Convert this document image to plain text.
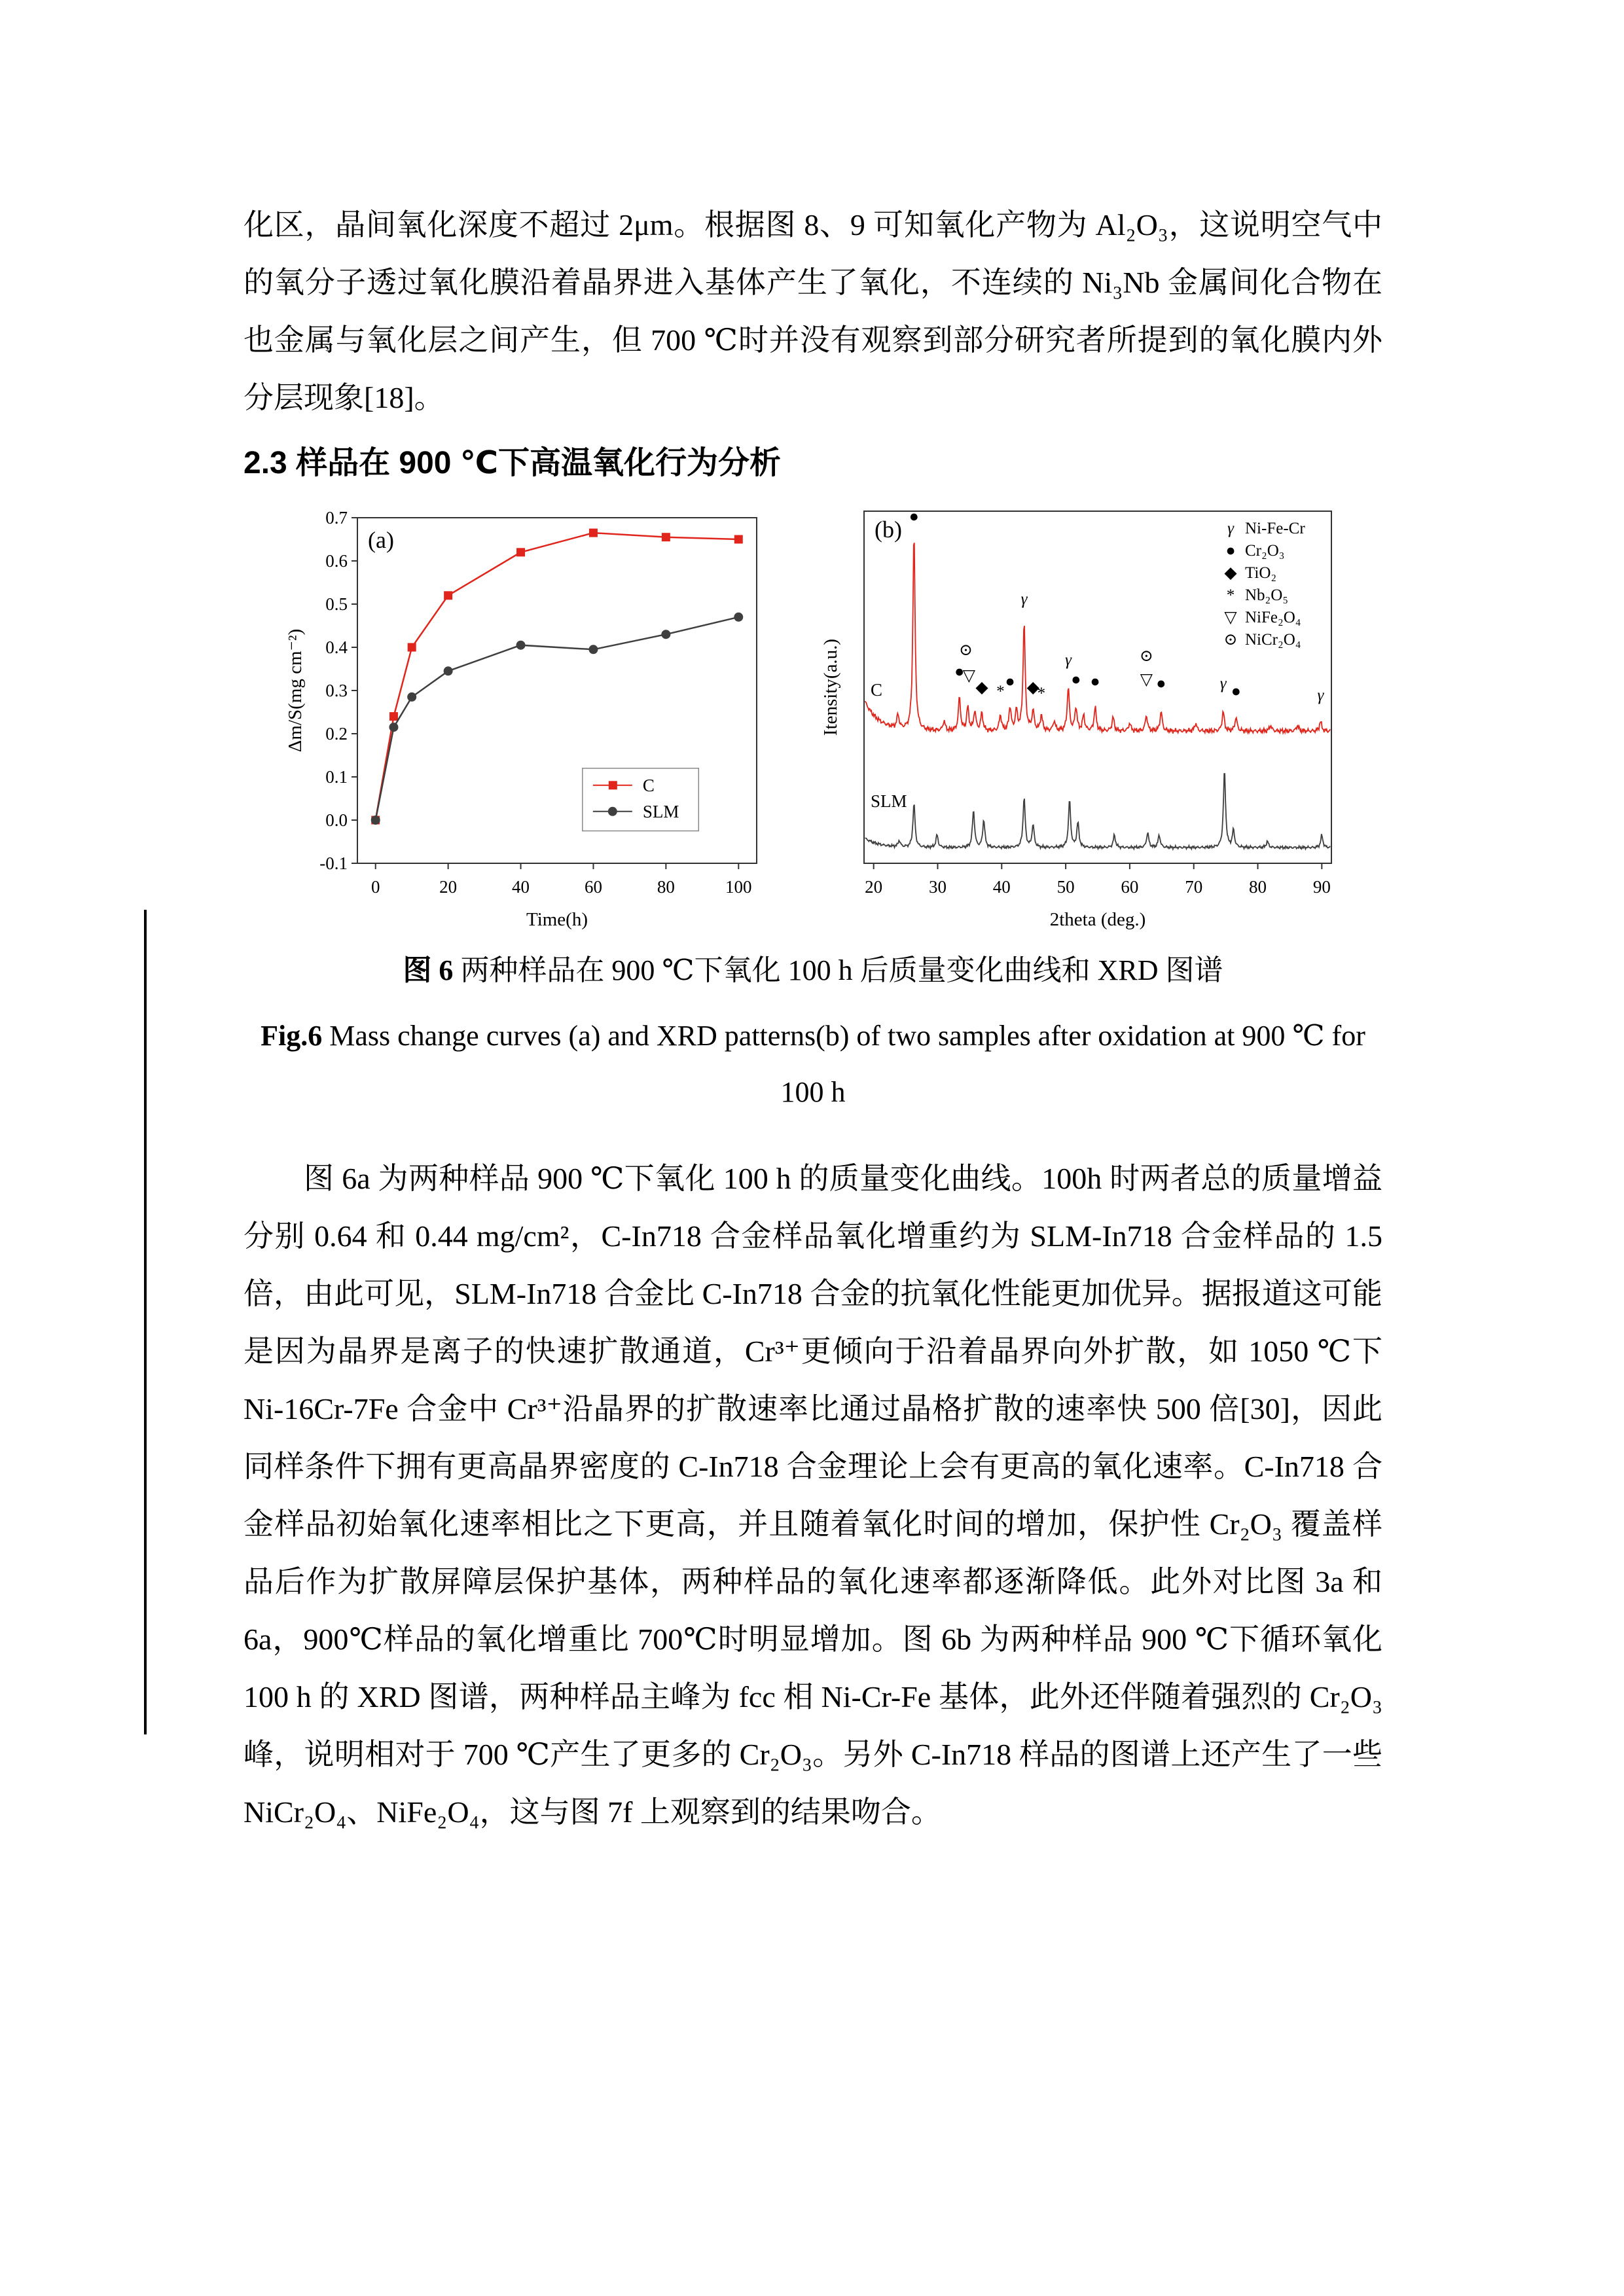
化区，晶间氧化深度不超过 2μm。根据图 8、9 可知氧化产物为 Al₂O₃，这说明空气中的氧分子透过氧化膜沿着晶界进入基体产生了氧化，不连续的 Ni₃Nb 金属间化合物在也金属与氧化层之间产生，但 700 ℃时并没有观察到部分研究者所提到的氧化膜内外分层现象[18]。

2.3 样品在 900 ℃下高温氧化行为分析
-0.1
0.0
0.1
0.2
0.3
0.4
0.5
0.6
0.7
0	20	40	60	80	100
Time(h)
Δm/S(mg cm⁻²)
(a)
C
SLM
20	30	40	50	60	70	80	90
2theta (deg.)
Itensity(a.u.)
(b)
C
SLM
●
●
⊙
▽
◆ *
●
γ
◆
*
γ
● ●
⊙
▽ ●	γ ●	γ
γ Ni-Fe-Cr
● Cr₂O₃
◆ TiO₂
* Nb₂O₅
▽ NiFe₂O₄
⊙ NiCr₂O₄

图 6 两种样品在 900 ℃下氧化 100 h 后质量变化曲线和 XRD 图谱

Fig.6 Mass change curves (a) and XRD patterns(b) of two samples after oxidation at 900 ℃ for

100 h

图 6a 为两种样品 900 ℃下氧化 100 h 的质量变化曲线。100h 时两者总的质量增益分别 0.64 和 0.44 mg/cm²，C-In718 合金样品氧化增重约为 SLM-In718 合金样品的 1.5 倍，由此可见，SLM-In718 合金比 C-In718 合金的抗氧化性能更加优异。据报道这可能是因为晶界是离子的快速扩散通道，Cr³⁺更倾向于沿着晶界向外扩散，如 1050 ℃下 Ni-16Cr-7Fe 合金中 Cr³⁺沿晶界的扩散速率比通过晶格扩散的速率快 500 倍[30]，因此同样条件下拥有更高晶界密度的 C-In718 合金理论上会有更高的氧化速率。C-In718 合金样品初始氧化速率相比之下更高，并且随着氧化时间的增加，保护性 Cr₂O₃ 覆盖样品后作为扩散屏障层保护基体，两种样品的氧化速率都逐渐降低。此外对比图 3a 和 6a，900℃样品的氧化增重比 700℃时明显增加。图 6b 为两种样品 900 ℃下循环氧化 100 h 的 XRD 图谱，两种样品主峰为 fcc 相 Ni-Cr-Fe 基体，此外还伴随着强烈的 Cr₂O₃ 峰，说明相对于 700 ℃产生了更多的 Cr₂O₃。另外 C-In718 样品的图谱上还产生了一些 NiCr₂O₄、NiFe₂O₄，这与图 7f 上观察到的结果吻合。
